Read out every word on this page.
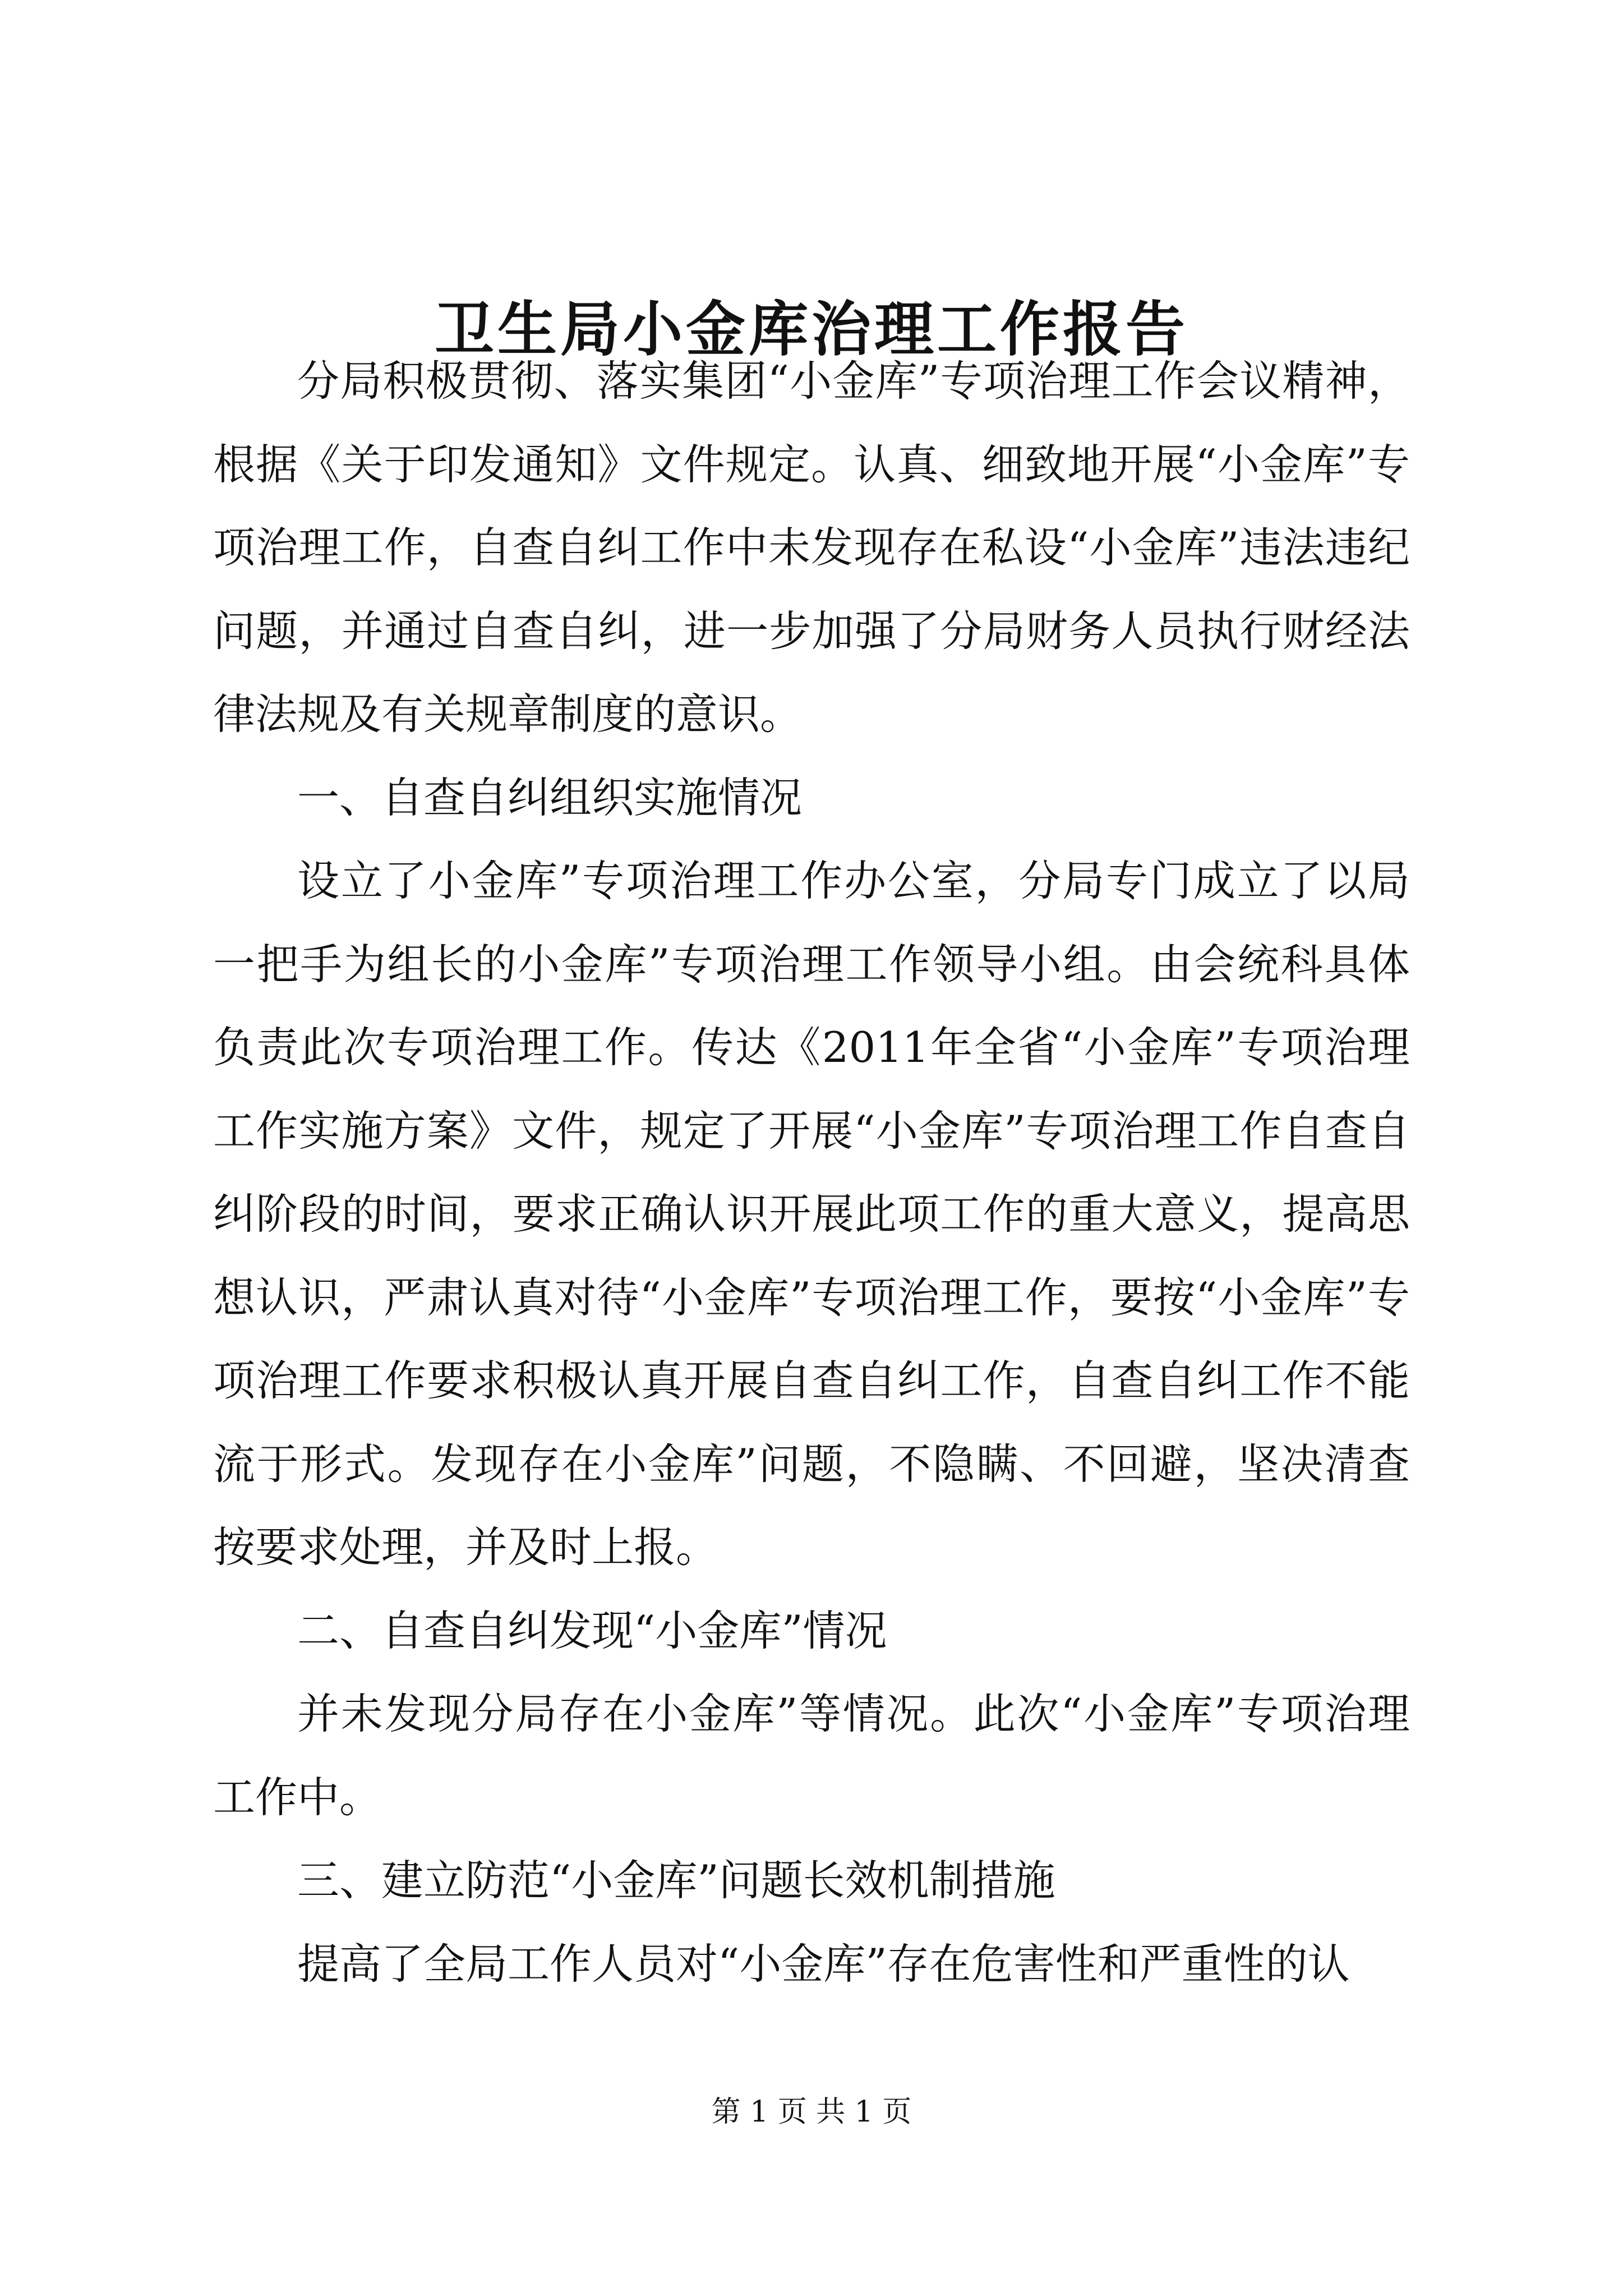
卫生局小金库治理工作报告

分局积极贯彻、落实集团“小金库”专项治理工作会议精神，根据《关于印发通知》文件规定。认真、细致地开展“小金库”专项治理工作，自查自纠工作中未发现存在私设“小金库”违法违纪问题，并通过自查自纠，进一步加强了分局财务人员执行财经法律法规及有关规章制度的意识。

一、自查自纠组织实施情况

设立了小金库”专项治理工作办公室，分局专门成立了以局一把手为组长的小金库”专项治理工作领导小组。由会统科具体负责此次专项治理工作。传达《2011年全省“小金库”专项治理工作实施方案》文件，规定了开展“小金库”专项治理工作自查自纠阶段的时间，要求正确认识开展此项工作的重大意义，提高思想认识，严肃认真对待“小金库”专项治理工作，要按“小金库”专项治理工作要求积极认真开展自查自纠工作，自查自纠工作不能流于形式。发现存在小金库”问题，不隐瞒、不回避，坚决清查按要求处理，并及时上报。

二、自查自纠发现“小金库”情况

并未发现分局存在小金库”等情况。此次“小金库”专项治理工作中。

三、建立防范“小金库”问题长效机制措施

提高了全局工作人员对“小金库”存在危害性和严重性的认

第 1 页 共 1 页
